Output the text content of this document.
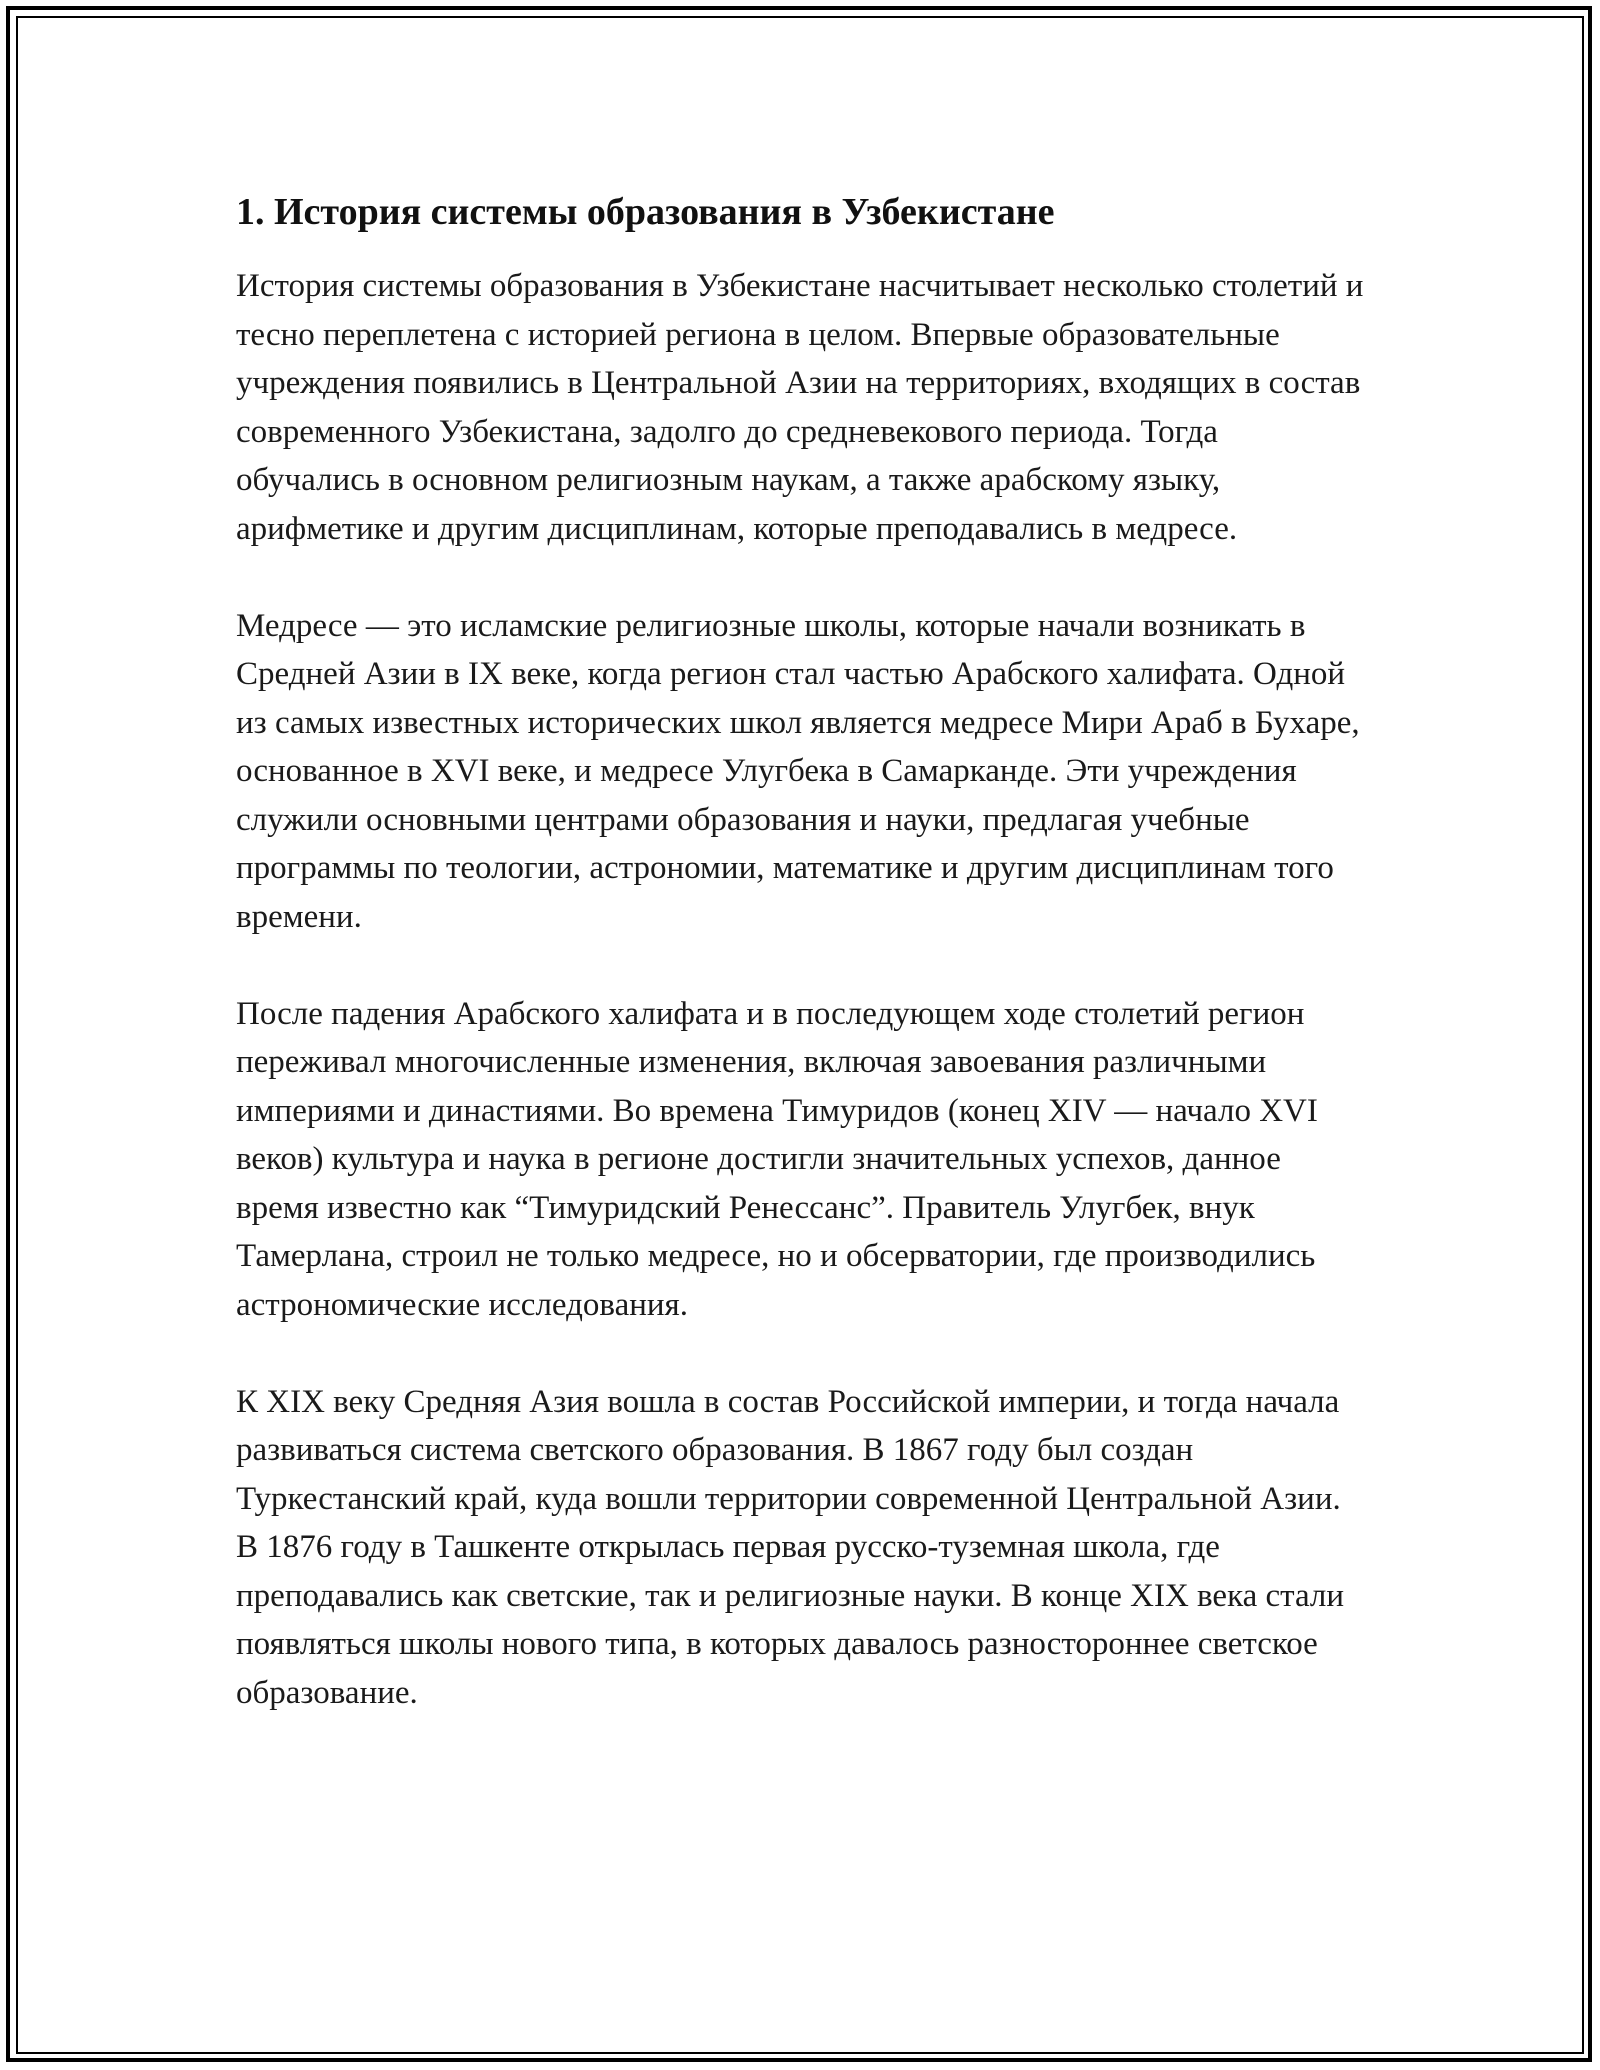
1. История системы образования в Узбекистане

История системы образования в Узбекистане насчитывает несколько столетий и тесно переплетена с историей региона в целом. Впервые образовательные учреждения появились в Центральной Азии на территориях, входящих в состав современного Узбекистана, задолго до средневекового периода. Тогда обучались в основном религиозным наукам, а также арабскому языку, арифметике и другим дисциплинам, которые преподавались в медресе.

Медресе — это исламские религиозные школы, которые начали возникать в Средней Азии в IX веке, когда регион стал частью Арабского халифата. Одной из самых известных исторических школ является медресе Мири Араб в Бухаре, основанное в XVI веке, и медресе Улугбека в Самарканде. Эти учреждения служили основными центрами образования и науки, предлагая учебные программы по теологии, астрономии, математике и другим дисциплинам того времени.

После падения Арабского халифата и в последующем ходе столетий регион переживал многочисленные изменения, включая завоевания различными империями и династиями. Во времена Тимуридов (конец XIV — начало XVI веков) культура и наука в регионе достигли значительных успехов, данное время известно как “Тимуридский Ренессанс”. Правитель Улугбек, внук Тамерлана, строил не только медресе, но и обсерватории, где производились астрономические исследования.

К XIX веку Средняя Азия вошла в состав Российской империи, и тогда начала развиваться система светского образования. В 1867 году был создан Туркестанский край, куда вошли территории современной Центральной Азии. В 1876 году в Ташкенте открылась первая русско-туземная школа, где преподавались как светские, так и религиозные науки. В конце XIX века стали появляться школы нового типа, в которых давалось разностороннее светское образование.
